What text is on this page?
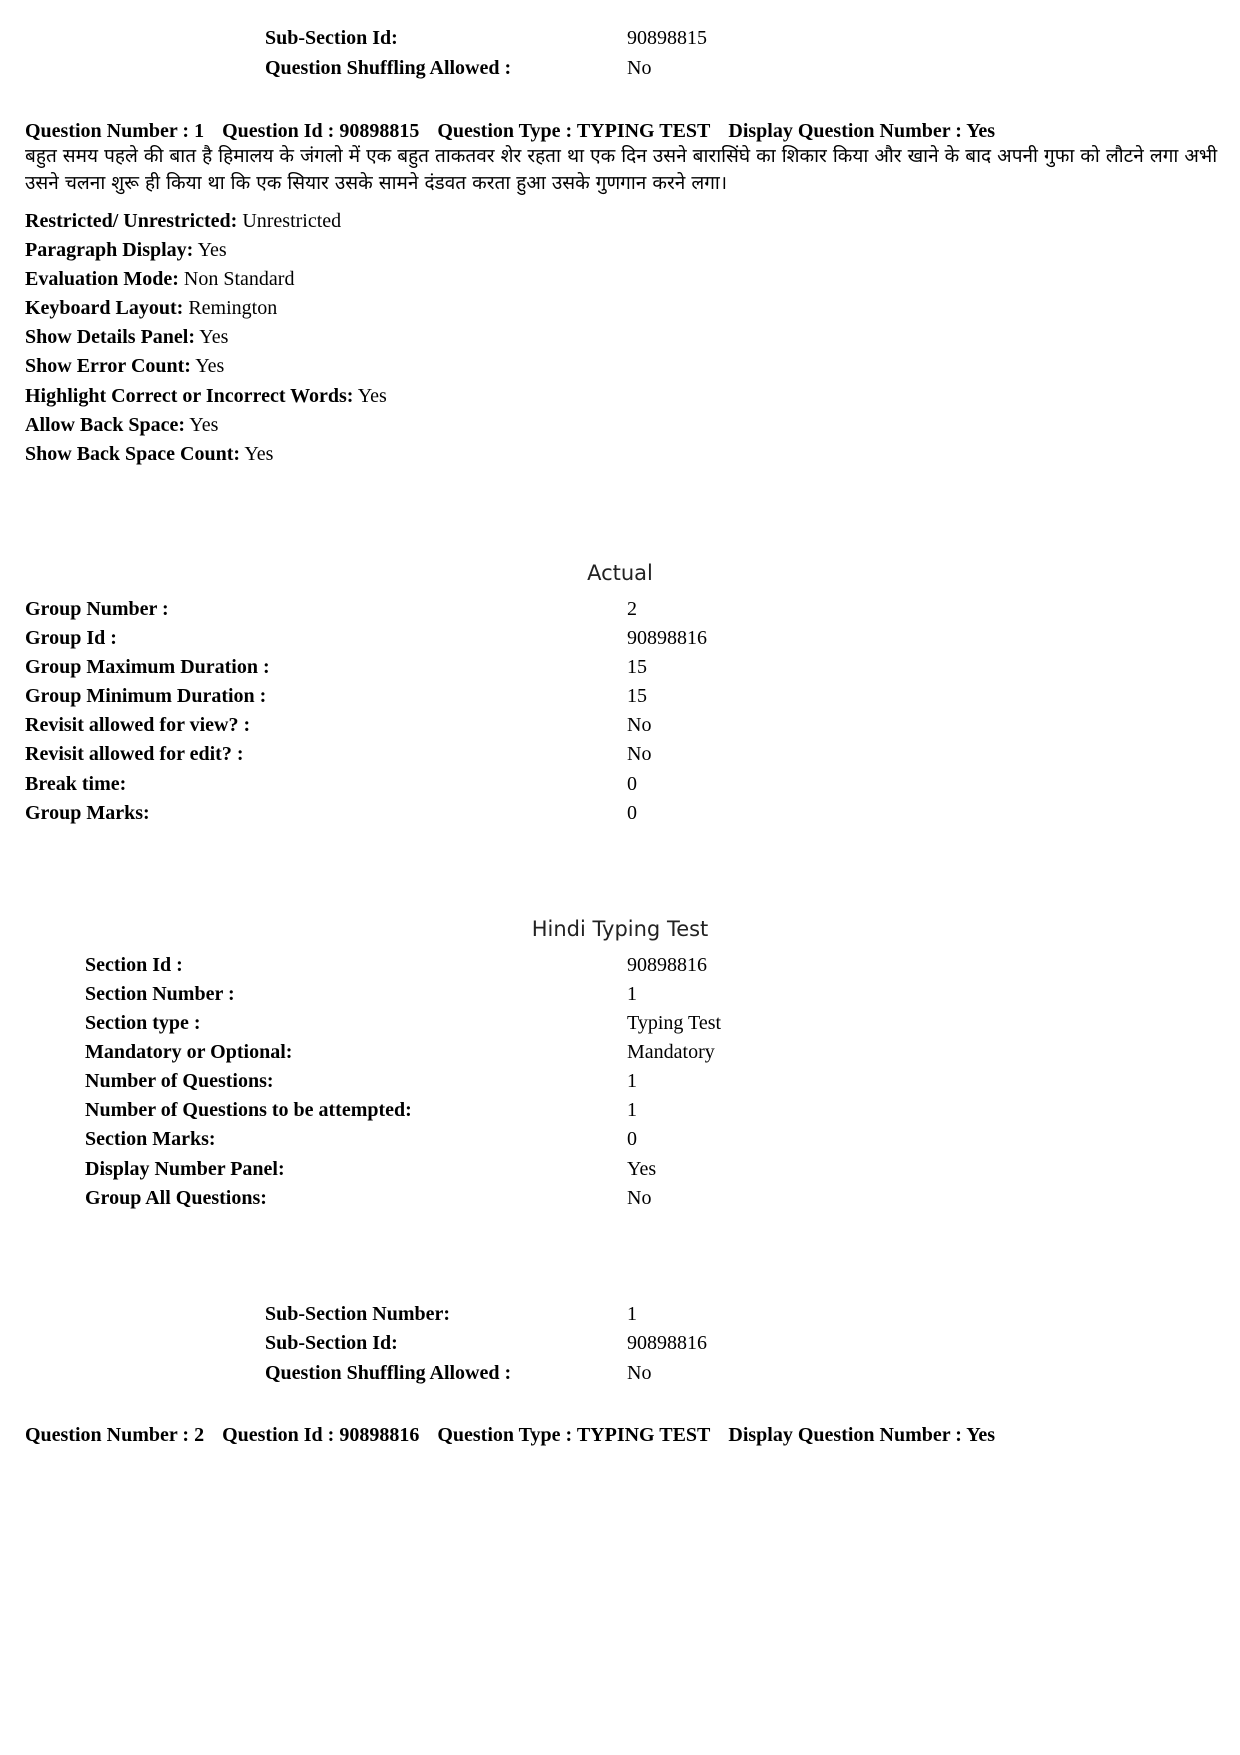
Sub-Section Id:	90898815
Question Shuffling Allowed :	No
Question Number : 1 Question Id : 90898815 Question Type : TYPING TEST Display Question Number : Yes
बहुत समय पहले की बात है हिमालय के जंगलो में एक बहुत ताकतवर शेर रहता था एक दिन उसने बारासिंघे का शिकार किया और खाने के बाद अपनी गुफा को लौटने लगा अभी उसने चलना शुरू ही किया था कि एक सियार उसके सामने दंडवत करता हुआ उसके गुणगान करने लगा।
Restricted/ Unrestricted: Unrestricted
Paragraph Display: Yes
Evaluation Mode: Non Standard
Keyboard Layout: Remington
Show Details Panel: Yes
Show Error Count: Yes
Highlight Correct or Incorrect Words: Yes
Allow Back Space: Yes
Show Back Space Count: Yes
Actual
Group Number :	2
Group Id :	90898816
Group Maximum Duration :	15
Group Minimum Duration :	15
Revisit allowed for view? :	No
Revisit allowed for edit? :	No
Break time:	0
Group Marks:	0
Hindi Typing Test
Section Id :	90898816
Section Number :	1
Section type :	Typing Test
Mandatory or Optional:	Mandatory
Number of Questions:	1
Number of Questions to be attempted:	1
Section Marks:	0
Display Number Panel:	Yes
Group All Questions:	No
Sub-Section Number:	1
Sub-Section Id:	90898816
Question Shuffling Allowed :	No
Question Number : 2 Question Id : 90898816 Question Type : TYPING TEST Display Question Number : Yes
